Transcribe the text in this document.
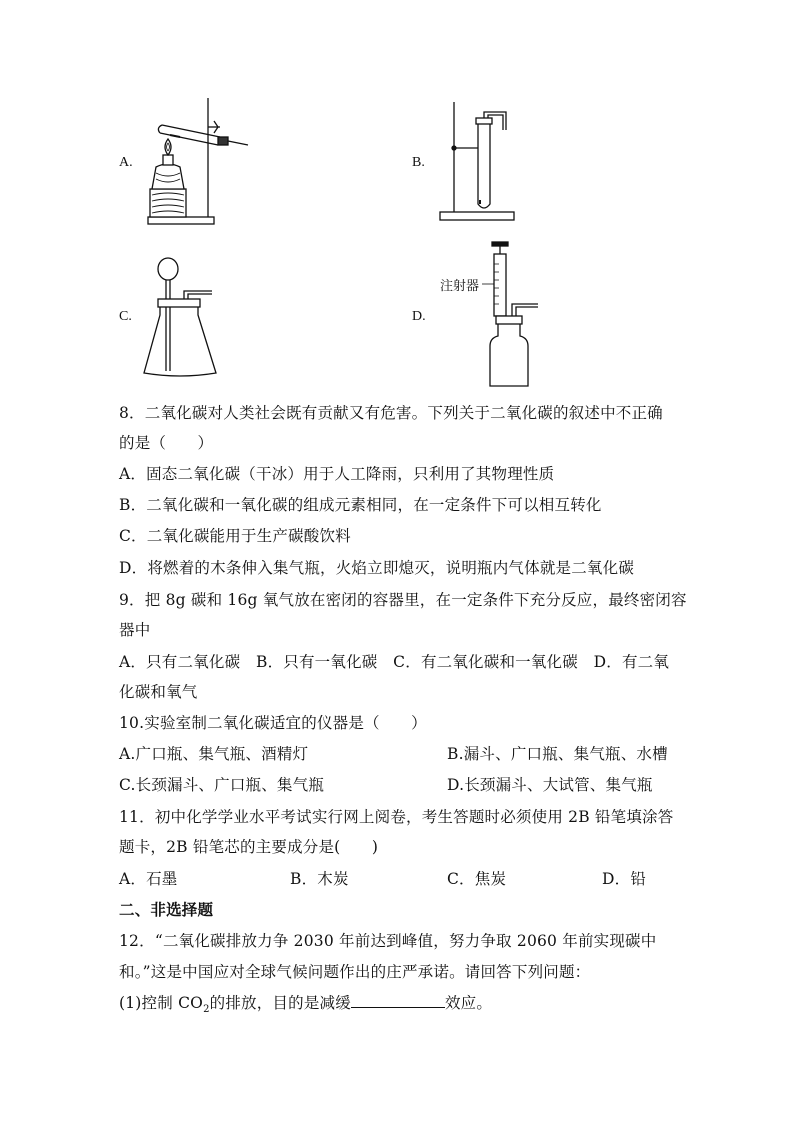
A.	B.
C.	D.
注射器
8．二氧化碳对人类社会既有贡献又有危害。下列关于二氧化碳的叙述中不正确
的是（　　）
A．固态二氧化碳（干冰）用于人工降雨，只利用了其物理性质
B．二氧化碳和一氧化碳的组成元素相同，在一定条件下可以相互转化
C．二氧化碳能用于生产碳酸饮料
D．将燃着的木条伸入集气瓶，火焰立即熄灭，说明瓶内气体就是二氧化碳
9．把 8g 碳和 16g 氧气放在密闭的容器里，在一定条件下充分反应，最终密闭容
器中
A．只有二氧化碳　B．只有一氧化碳　C．有二氧化碳和一氧化碳　D．有二氧
化碳和氧气
10.实验室制二氧化碳适宜的仪器是（　　）
A.广口瓶、集气瓶、酒精灯	B.漏斗、广口瓶、集气瓶、水槽
C.长颈漏斗、广口瓶、集气瓶	D.长颈漏斗、大试管、集气瓶
11．初中化学学业水平考试实行网上阅卷，考生答题时必须使用 2B 铅笔填涂答
题卡，2B 铅笔芯的主要成分是(　　)
A．石墨	B．木炭	C．焦炭	D．铅
二、非选择题
12．“二氧化碳排放力争 2030 年前达到峰值，努力争取 2060 年前实现碳中
和。”这是中国应对全球气候问题作出的庄严承诺。请回答下列问题：
(1)控制 $CO_2$的排放，目的是减缓	效应。
